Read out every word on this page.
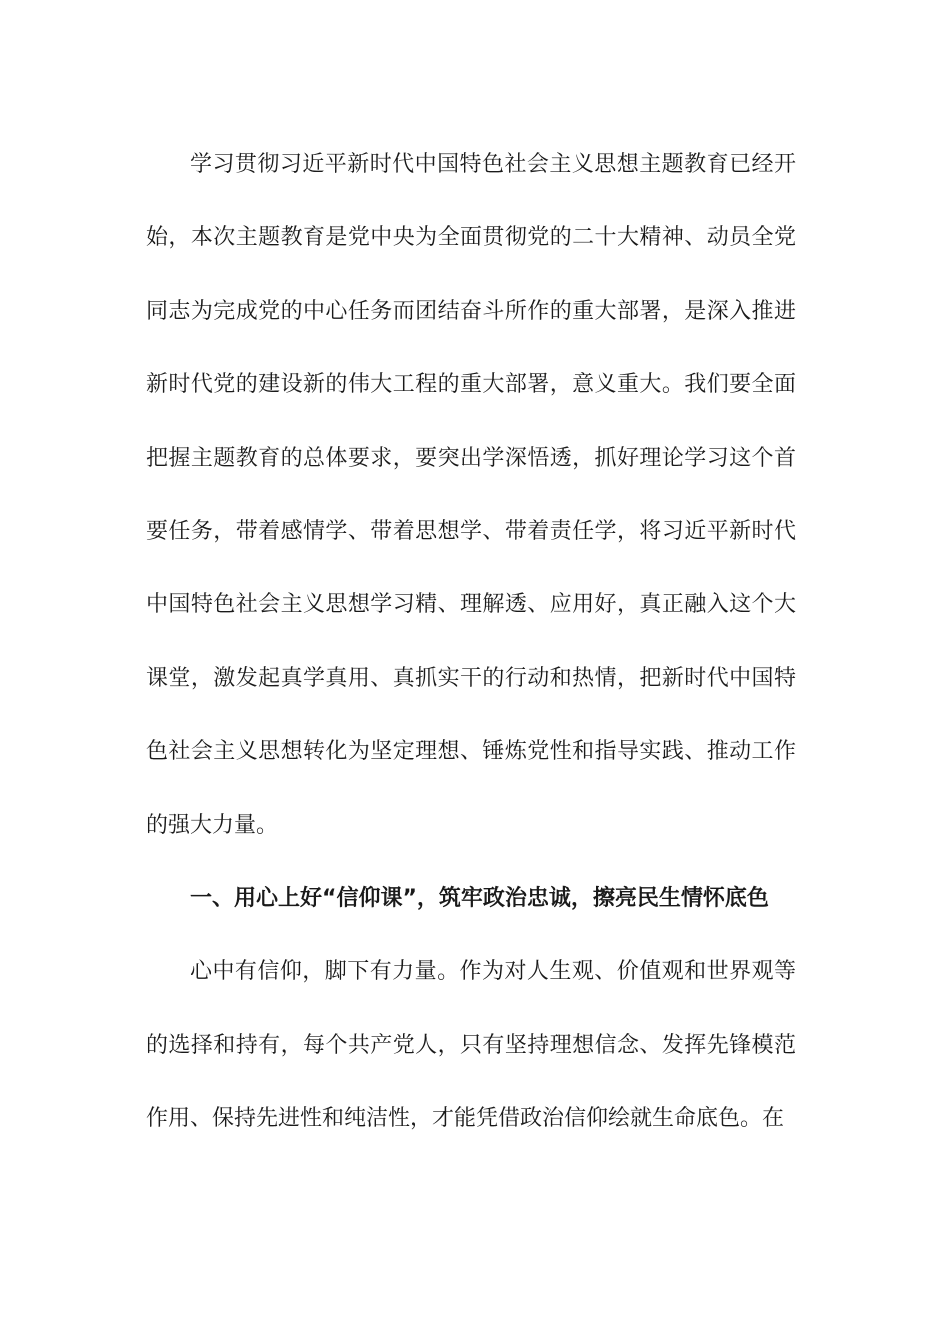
学习贯彻习近平新时代中国特色社会主义思想主题教育已经开始，本次主题教育是党中央为全面贯彻党的二十大精神、动员全党同志为完成党的中心任务而团结奋斗所作的重大部署，是深入推进新时代党的建设新的伟大工程的重大部署，意义重大。我们要全面把握主题教育的总体要求，要突出学深悟透，抓好理论学习这个首要任务，带着感情学、带着思想学、带着责任学，将习近平新时代中国特色社会主义思想学习精、理解透、应用好，真正融入这个大课堂，激发起真学真用、真抓实干的行动和热情，把新时代中国特色社会主义思想转化为坚定理想、锤炼党性和指导实践、推动工作的强大力量。

一、用心上好“信仰课”，筑牢政治忠诚，擦亮民生情怀底色

心中有信仰，脚下有力量。作为对人生观、价值观和世界观等的选择和持有，每个共产党人，只有坚持理想信念、发挥先锋模范作用、保持先进性和纯洁性，才能凭借政治信仰绘就生命底色。在
